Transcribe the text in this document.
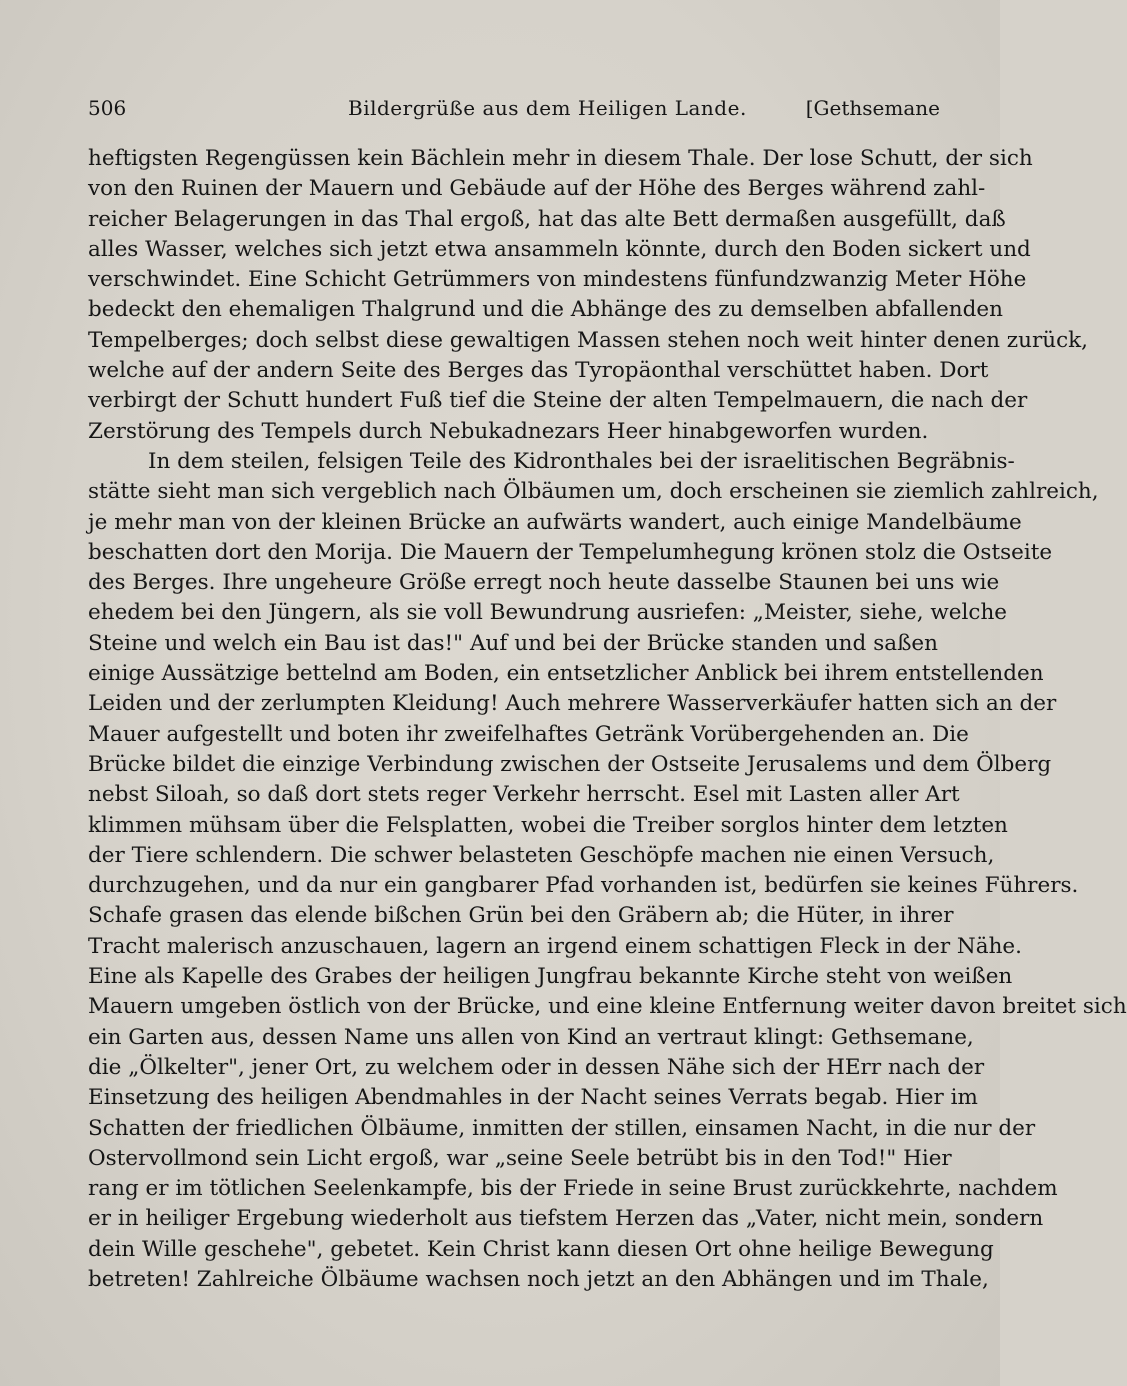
506	Bildergrüße aus dem Heiligen Lande.	[Gethsemane
heftigsten Regengüssen kein Bächlein mehr in diesem Thale. Der lose Schutt, der sich
von den Ruinen der Mauern und Gebäude auf der Höhe des Berges während zahl-
reicher Belagerungen in das Thal ergoß, hat das alte Bett dermaßen ausgefüllt, daß
alles Wasser, welches sich jetzt etwa ansammeln könnte, durch den Boden sickert und
verschwindet. Eine Schicht Getrümmers von mindestens fünfundzwanzig Meter Höhe
bedeckt den ehemaligen Thalgrund und die Abhänge des zu demselben abfallenden
Tempelberges; doch selbst diese gewaltigen Massen stehen noch weit hinter denen zurück,
welche auf der andern Seite des Berges das Tyropäonthal verschüttet haben. Dort
verbirgt der Schutt hundert Fuß tief die Steine der alten Tempelmauern, die nach der
Zerstörung des Tempels durch Nebukadnezars Heer hinabgeworfen wurden.
In dem steilen, felsigen Teile des Kidronthales bei der israelitischen Begräbnis-
stätte sieht man sich vergeblich nach Ölbäumen um, doch erscheinen sie ziemlich zahlreich,
je mehr man von der kleinen Brücke an aufwärts wandert, auch einige Mandelbäume
beschatten dort den Morija. Die Mauern der Tempelumhegung krönen stolz die Ostseite
des Berges. Ihre ungeheure Größe erregt noch heute dasselbe Staunen bei uns wie
ehedem bei den Jüngern, als sie voll Bewundrung ausriefen: „Meister, siehe, welche
Steine und welch ein Bau ist das!" Auf und bei der Brücke standen und saßen
einige Aussätzige bettelnd am Boden, ein entsetzlicher Anblick bei ihrem entstellenden
Leiden und der zerlumpten Kleidung! Auch mehrere Wasserverkäufer hatten sich an der
Mauer aufgestellt und boten ihr zweifelhaftes Getränk Vorübergehenden an. Die
Brücke bildet die einzige Verbindung zwischen der Ostseite Jerusalems und dem Ölberg
nebst Siloah, so daß dort stets reger Verkehr herrscht. Esel mit Lasten aller Art
klimmen mühsam über die Felsplatten, wobei die Treiber sorglos hinter dem letzten
der Tiere schlendern. Die schwer belasteten Geschöpfe machen nie einen Versuch,
durchzugehen, und da nur ein gangbarer Pfad vorhanden ist, bedürfen sie keines Führers.
Schafe grasen das elende bißchen Grün bei den Gräbern ab; die Hüter, in ihrer
Tracht malerisch anzuschauen, lagern an irgend einem schattigen Fleck in der Nähe.
Eine als Kapelle des Grabes der heiligen Jungfrau bekannte Kirche steht von weißen
Mauern umgeben östlich von der Brücke, und eine kleine Entfernung weiter davon breitet sich
ein Garten aus, dessen Name uns allen von Kind an vertraut klingt: Gethsemane,
die „Ölkelter", jener Ort, zu welchem oder in dessen Nähe sich der HErr nach der
Einsetzung des heiligen Abendmahles in der Nacht seines Verrats begab. Hier im
Schatten der friedlichen Ölbäume, inmitten der stillen, einsamen Nacht, in die nur der
Ostervollmond sein Licht ergoß, war „seine Seele betrübt bis in den Tod!" Hier
rang er im tötlichen Seelenkampfe, bis der Friede in seine Brust zurückkehrte, nachdem
er in heiliger Ergebung wiederholt aus tiefstem Herzen das „Vater, nicht mein, sondern
dein Wille geschehe", gebetet. Kein Christ kann diesen Ort ohne heilige Bewegung
betreten! Zahlreiche Ölbäume wachsen noch jetzt an den Abhängen und im Thale,
